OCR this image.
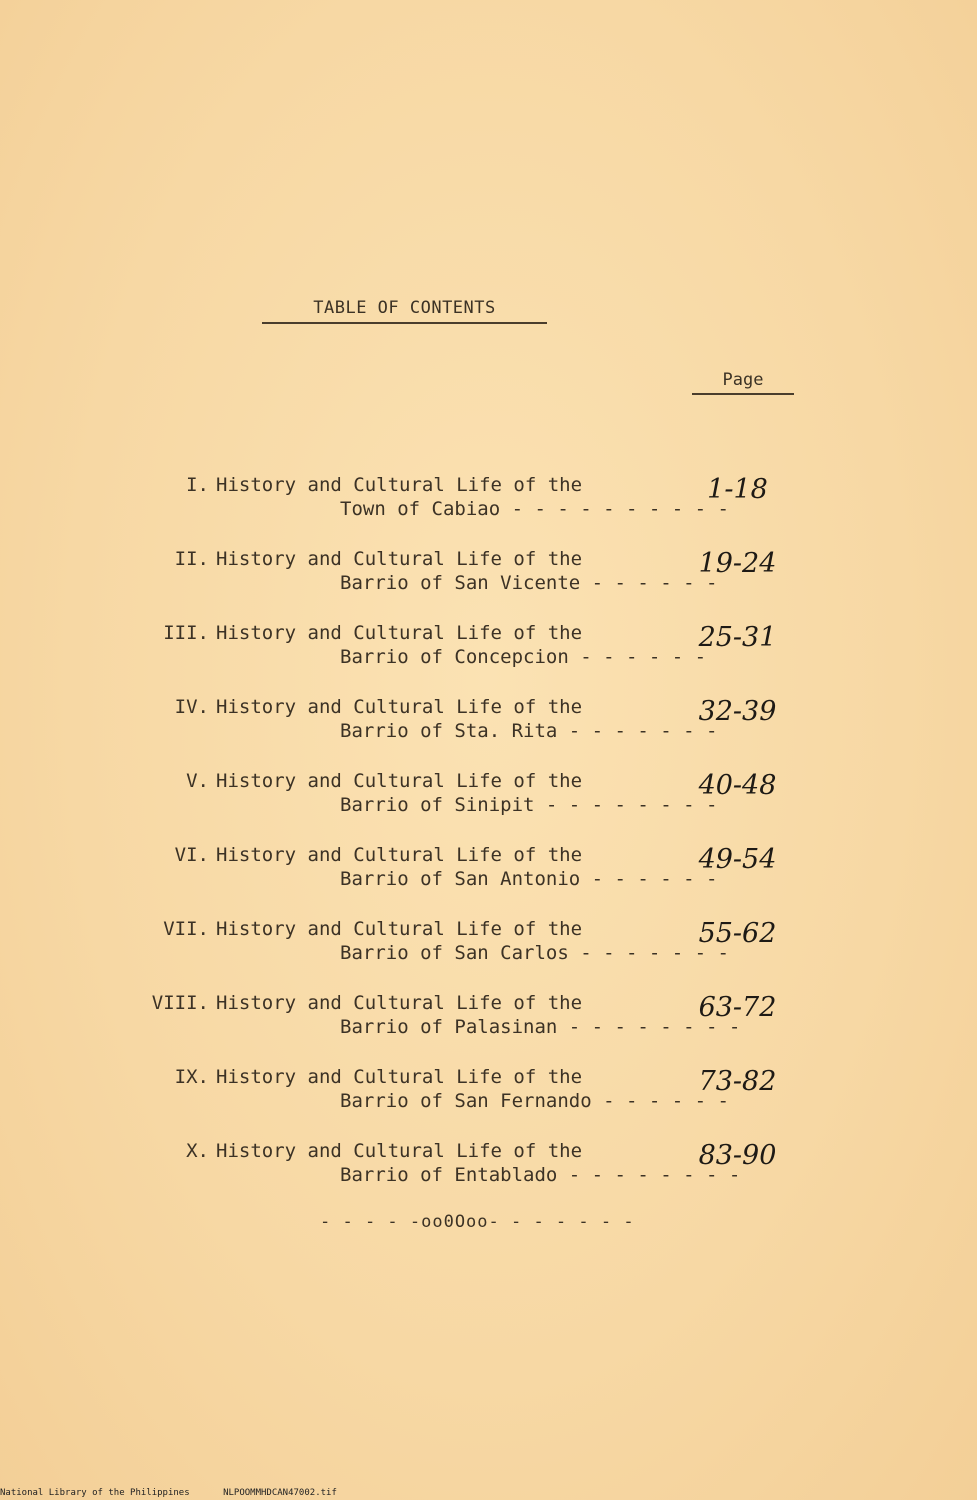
TABLE OF CONTENTS
Page
I. History and Cultural Life of the
Town of Cabiao - - - - - - - - - -
1-18
II. History and Cultural Life of the
Barrio of San Vicente - - - - - -
19-24
III. History and Cultural Life of the
Barrio of Concepcion - - - - - -
25-31
IV. History and Cultural Life of the
Barrio of Sta. Rita - - - - - - -
32-39
V. History and Cultural Life of the
Barrio of Sinipit - - - - - - - -
40-48
VI. History and Cultural Life of the
Barrio of San Antonio - - - - - -
49-54
VII. History and Cultural Life of the
Barrio of San Carlos - - - - - - -
55-62
VIII. History and Cultural Life of the
Barrio of Palasinan - - - - - - - -
63-72
IX. History and Cultural Life of the
Barrio of San Fernando - - - - - -
73-82
X. History and Cultural Life of the
Barrio of Entablado - - - - - - - -
83-90
- - - - -oo0Ooo- - - - - - -
National Library of the Philippines	NLPOOMMHDCAN47002.tif
